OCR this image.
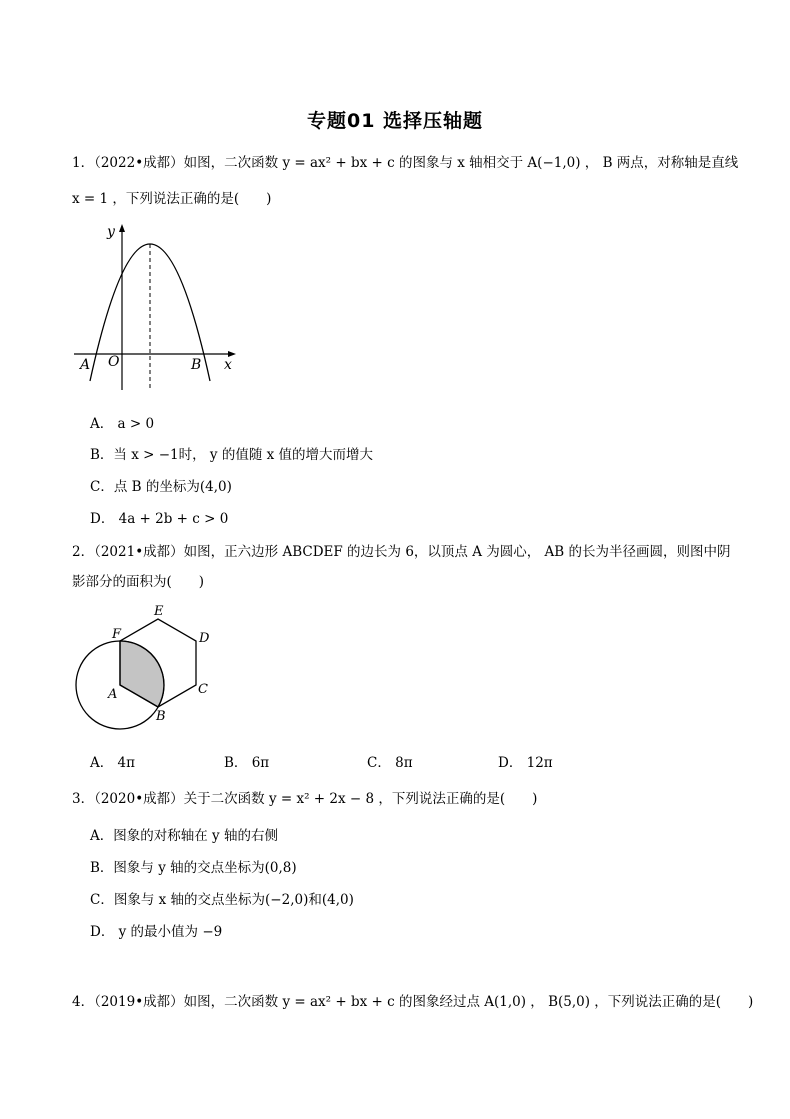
专题01 选择压轴题
1．（2022•成都）如图，二次函数 y = ax² + bx + c 的图象与 x 轴相交于 A(−1,0) ， B 两点，对称轴是直线
x = 1 ，下列说法正确的是(　　)
y
x
A O	B
A． a > 0
B．当 x > −1时， y 的值随 x 值的增大而增大
C．点 B 的坐标为(4,0)
D． 4a + 2b + c > 0
2．（2021•成都）如图，正六边形 ABCDEF 的边长为 6，以顶点 A 为圆心， AB 的长为半径画圆，则图中阴
影部分的面积为(　　)
A
B
C
D
E
F
A． 4π	B． 6π	C． 8π	D． 12π
3．（2020•成都）关于二次函数 y = x² + 2x − 8 ，下列说法正确的是(　　)
A．图象的对称轴在 y 轴的右侧
B．图象与 y 轴的交点坐标为(0,8)
C．图象与 x 轴的交点坐标为(−2,0)和(4,0)
D． y 的最小值为 −9
4．（2019•成都）如图，二次函数 y = ax² + bx + c 的图象经过点 A(1,0) ， B(5,0) ，下列说法正确的是(　　)
